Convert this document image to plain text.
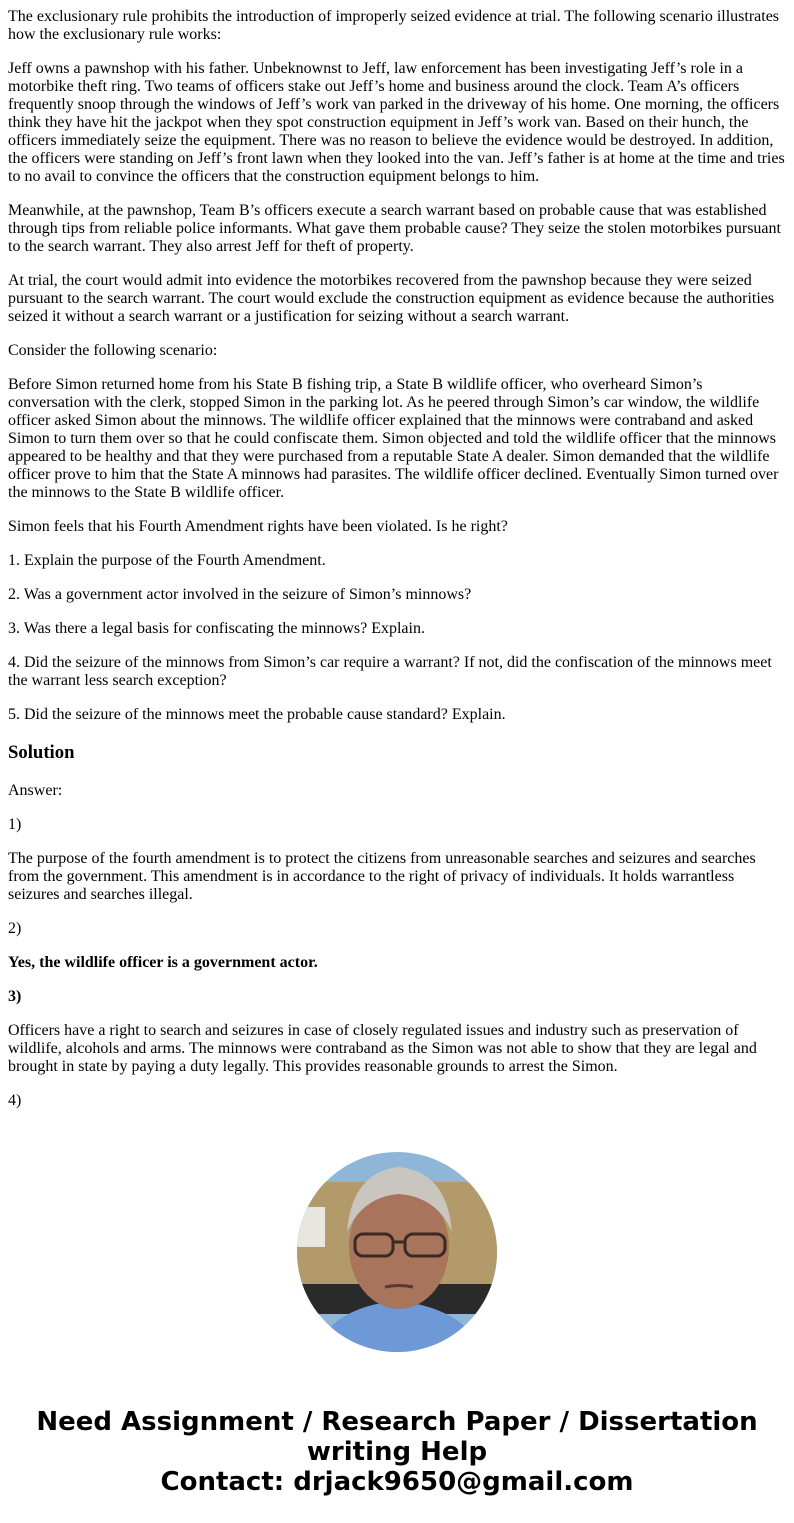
The exclusionary rule prohibits the introduction of improperly seized evidence at trial. The following scenario illustrates how the exclusionary rule works:

Jeff owns a pawnshop with his father. Unbeknownst to Jeff, law enforcement has been investigating Jeff’s role in a motorbike theft ring. Two teams of officers stake out Jeff’s home and business around the clock. Team A’s officers frequently snoop through the windows of Jeff’s work van parked in the driveway of his home. One morning, the officers think they have hit the jackpot when they spot construction equipment in Jeff’s work van. Based on their hunch, the officers immediately seize the equipment. There was no reason to believe the evidence would be destroyed. In addition, the officers were standing on Jeff’s front lawn when they looked into the van. Jeff’s father is at home at the time and tries to no avail to convince the officers that the construction equipment belongs to him.

Meanwhile, at the pawnshop, Team B’s officers execute a search warrant based on probable cause that was established through tips from reliable police informants. What gave them probable cause? They seize the stolen motorbikes pursuant to the search warrant. They also arrest Jeff for theft of property.

At trial, the court would admit into evidence the motorbikes recovered from the pawnshop because they were seized pursuant to the search warrant. The court would exclude the construction equipment as evidence because the authorities seized it without a search warrant or a justification for seizing without a search warrant.

Consider the following scenario:

Before Simon returned home from his State B fishing trip, a State B wildlife officer, who overheard Simon’s conversation with the clerk, stopped Simon in the parking lot. As he peered through Simon’s car window, the wildlife officer asked Simon about the minnows. The wildlife officer explained that the minnows were contraband and asked Simon to turn them over so that he could confiscate them. Simon objected and told the wildlife officer that the minnows appeared to be healthy and that they were purchased from a reputable State A dealer. Simon demanded that the wildlife officer prove to him that the State A minnows had parasites. The wildlife officer declined. Eventually Simon turned over the minnows to the State B wildlife officer.

Simon feels that his Fourth Amendment rights have been violated. Is he right?

1. Explain the purpose of the Fourth Amendment.

2. Was a government actor involved in the seizure of Simon’s minnows?

3. Was there a legal basis for confiscating the minnows? Explain.

4. Did the seizure of the minnows from Simon’s car require a warrant? If not, did the confiscation of the minnows meet the warrant less search exception?

5. Did the seizure of the minnows meet the probable cause standard? Explain.

Solution

Answer:

1)

The purpose of the fourth amendment is to protect the citizens from unreasonable searches and seizures and searches from the government. This amendment is in accordance to the right of privacy of individuals. It holds warrantless seizures and searches illegal.

2)

Yes, the wildlife officer is a government actor.

3)

Officers have a right to search and seizures in case of closely regulated issues and industry such as preservation of wildlife, alcohols and arms. The minnows were contraband as the Simon was not able to show that they are legal and brought in state by paying a duty legally. This provides reasonable grounds to arrest the Simon.

4)

Need Assignment / Research Paper / Dissertation writing Help
Contact: drjack9650@gmail.com
